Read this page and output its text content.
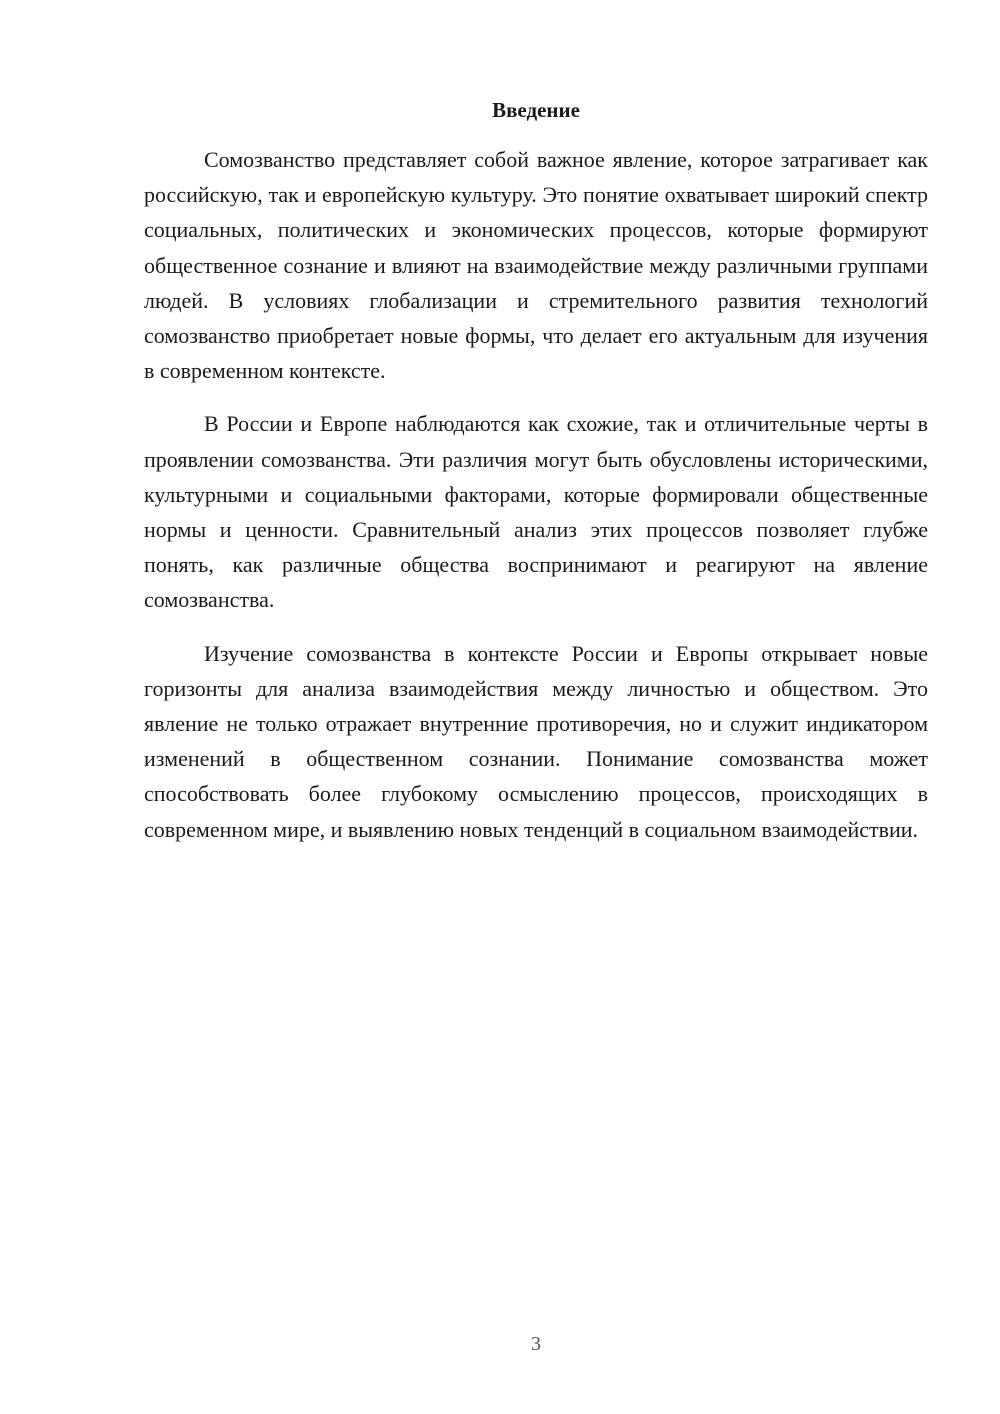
Введение

Сомозванство представляет собой важное явление, которое затрагивает как российскую, так и европейскую культуру. Это понятие охватывает широкий спектр социальных, политических и экономических процессов, которые формируют общественное сознание и влияют на взаимодействие между различными группами людей. В условиях глобализации и стремительного развития технологий сомозванство приобретает новые формы, что делает его актуальным для изучения в современном контексте.

В России и Европе наблюдаются как схожие, так и отличительные черты в проявлении сомозванства. Эти различия могут быть обусловлены историческими, культурными и социальными факторами, которые формировали общественные нормы и ценности. Сравнительный анализ этих процессов позволяет глубже понять, как различные общества воспринимают и реагируют на явление сомозванства.

Изучение сомозванства в контексте России и Европы открывает новые горизонты для анализа взаимодействия между личностью и обществом. Это явление не только отражает внутренние противоречия, но и служит индикатором изменений в общественном сознании. Понимание сомозванства может способствовать более глубокому осмыслению процессов, происходящих в современном мире, и выявлению новых тенденций в социальном взаимодействии.

3
